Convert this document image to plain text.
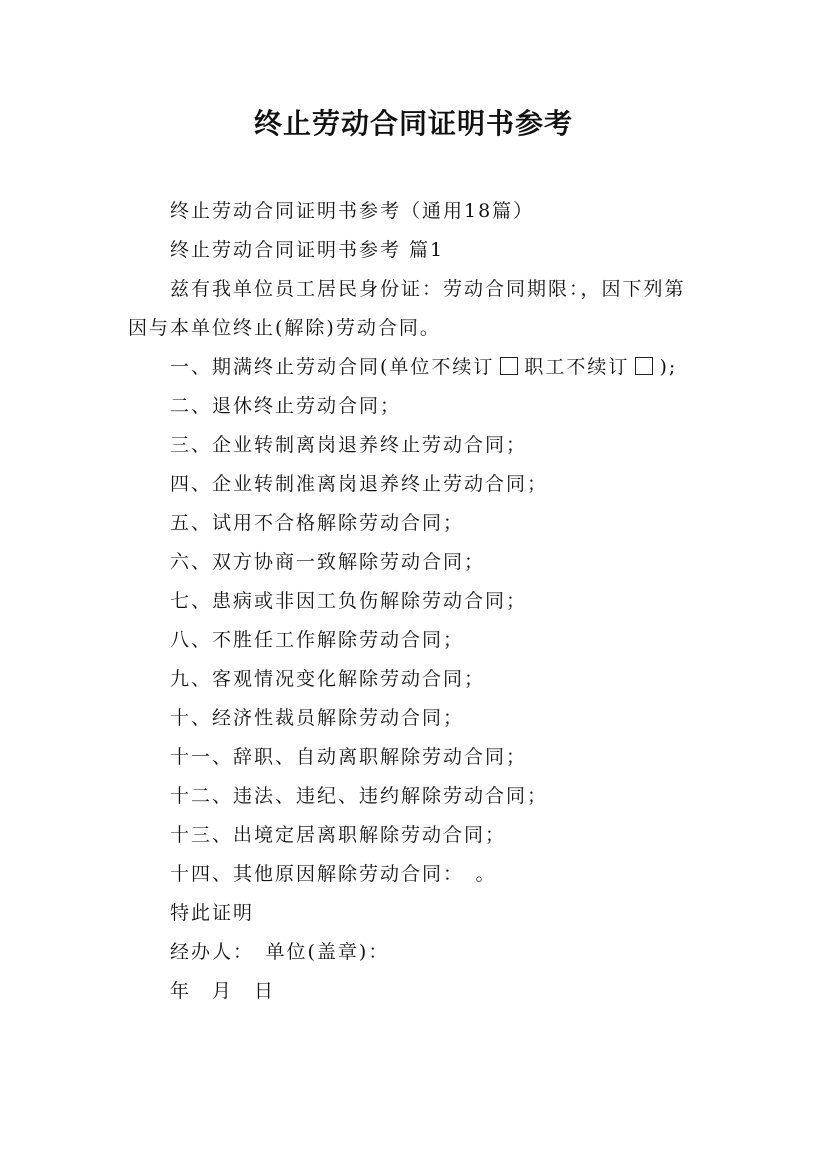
终止劳动合同证明书参考

终止劳动合同证明书参考（通用18篇）

终止劳动合同证明书参考 篇1

兹有我单位员工居民身份证：劳动合同期限：，因下列第因与本单位终止(解除)劳动合同。

一、期满终止劳动合同(单位不续订 职工不续订 );

二、退休终止劳动合同；

三、企业转制离岗退养终止劳动合同；

四、企业转制准离岗退养终止劳动合同；

五、试用不合格解除劳动合同；

六、双方协商一致解除劳动合同；

七、患病或非因工负伤解除劳动合同；

八、不胜任工作解除劳动合同；

九、客观情况变化解除劳动合同；

十、经济性裁员解除劳动合同；

十一、辞职、自动离职解除劳动合同；

十二、违法、违纪、违约解除劳动合同；

十三、出境定居离职解除劳动合同；

十四、其他原因解除劳动合同：　。

特此证明

经办人：　单位(盖章)：

年　月　日
